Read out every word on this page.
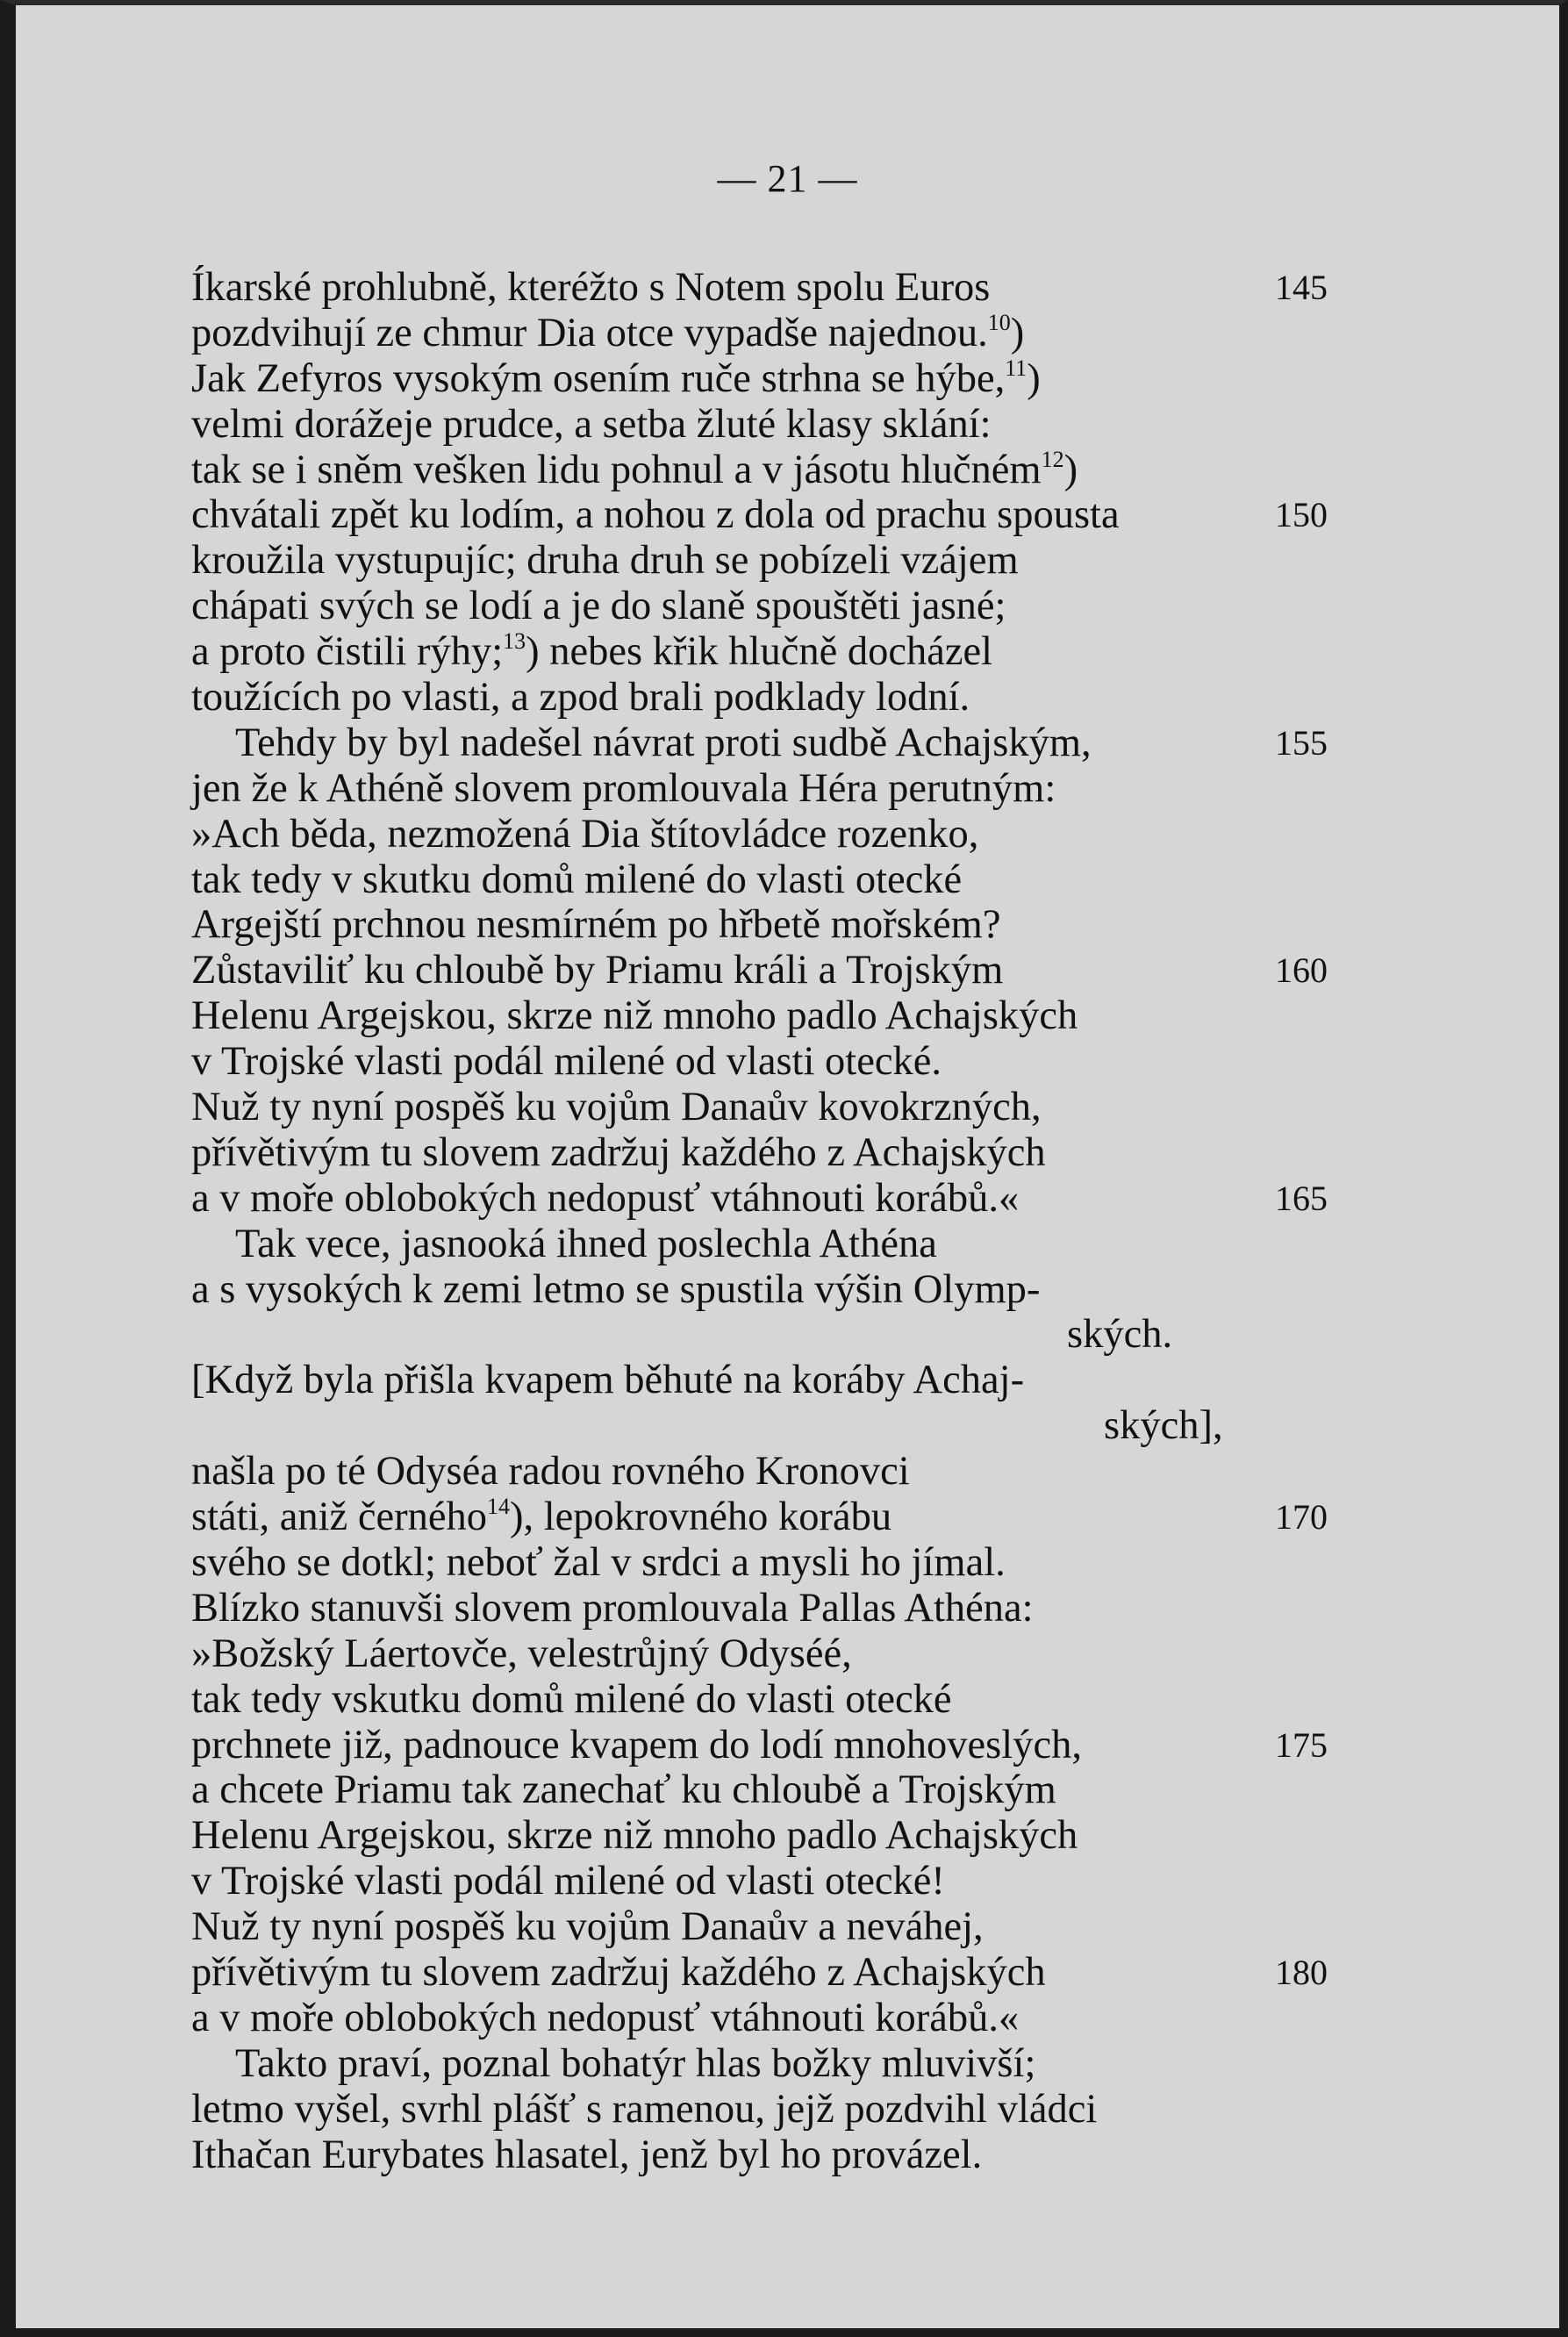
— 21 —
Íkarské prohlubně, kteréžto s Notem spolu Euros	145
pozdvihují ze chmur Dia otce vypadše najednou.$^{10}$)
Jak Zefyros vysokým osením ruče strhna se hýbe,$^{11}$)
velmi dorážeje prudce, a setba žluté klasy sklání:
tak se i sněm vešken lidu pohnul a v jásotu hlučném$^{12}$)
chvátali zpět ku lodím, a nohou z dola od prachu spousta	150
kroužila vystupujíc; druha druh se pobízeli vzájem
chápati svých se lodí a je do slaně spouštěti jasné;
a proto čistili rýhy;$^{13}$) nebes křik hlučně docházel
toužících po vlasti, a zpod brali podklady lodní.
Tehdy by byl nadešel návrat proti sudbě Achajským,	155
jen že k Athéně slovem promlouvala Héra perutným:
»Ach běda, nezmožená Dia štítovládce rozenko,
tak tedy v skutku domů milené do vlasti otecké
Argejští prchnou nesmírném po hřbetě mořském?
Zůstaviliť ku chloubě by Priamu králi a Trojským	160
Helenu Argejskou, skrze niž mnoho padlo Achajských
v Trojské vlasti podál milené od vlasti otecké.
Nuž ty nyní pospěš ku vojům Danaův kovokrzných,
přívětivým tu slovem zadržuj každého z Achajských
a v moře oblobokých nedopusť vtáhnouti korábů.«	165
Tak vece, jasnooká ihned poslechla Athéna
a s vysokých k zemi letmo se spustila výšin Olymp-
ských.
[Když byla přišla kvapem běhuté na koráby Achaj-
ských],
našla po té Odyséa radou rovného Kronovci
státi, aniž černého$^{14}$), lepokrovného korábu	170
svého se dotkl; neboť žal v srdci a mysli ho jímal.
Blízko stanuvši slovem promlouvala Pallas Athéna:
»Božský Láertovče, velestrůjný Odyséé,
tak tedy vskutku domů milené do vlasti otecké
prchnete již, padnouce kvapem do lodí mnohoveslých,	175
a chcete Priamu tak zanechať ku chloubě a Trojským
Helenu Argejskou, skrze niž mnoho padlo Achajských
v Trojské vlasti podál milené od vlasti otecké!
Nuž ty nyní pospěš ku vojům Danaův a neváhej,
přívětivým tu slovem zadržuj každého z Achajských	180
a v moře oblobokých nedopusť vtáhnouti korábů.«
Takto praví, poznal bohatýr hlas božky mluvivší;
letmo vyšel, svrhl plášť s ramenou, jejž pozdvihl vládci
Ithačan Eurybates hlasatel, jenž byl ho provázel.
